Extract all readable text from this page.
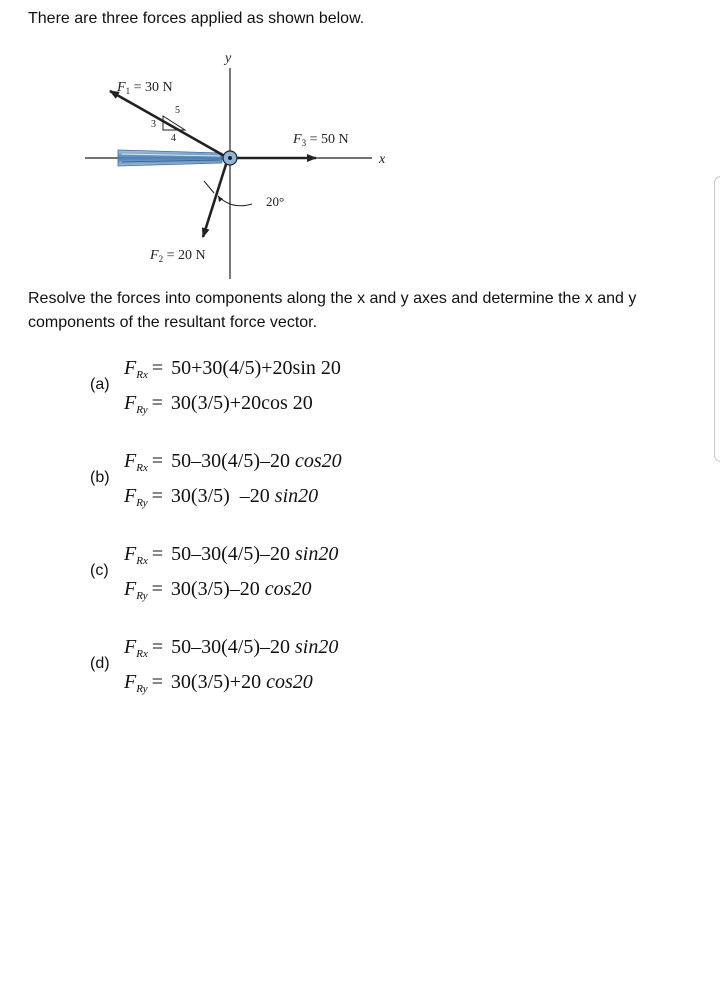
There are three forces applied as shown below.

y
x
5
3
4
20°
$F_1 = 30$ N
$F_3 = 50$ N
$F_2 = 20$ N

Resolve the forces into components along the x and y axes and determine the x and y components of the resultant force vector.

(a)
$F_{Rx} = 50+30(4/5)+20\sin$ 20
$F_{Ry} = 30(3/5)+20\cos$ 20
(b)
$F_{Rx} = 50-30(4/5)-20$ cos20
$F_{Ry} = 30(3/5)$  –20 sin20
(c)
$F_{Rx} = 50-30(4/5)-20$ sin20
$F_{Ry} = 30(3/5)-20$ cos20
(d)
$F_{Rx} = 50-30(4/5)-20$ sin20
$F_{Ry} = 30(3/5)+20$ cos20
